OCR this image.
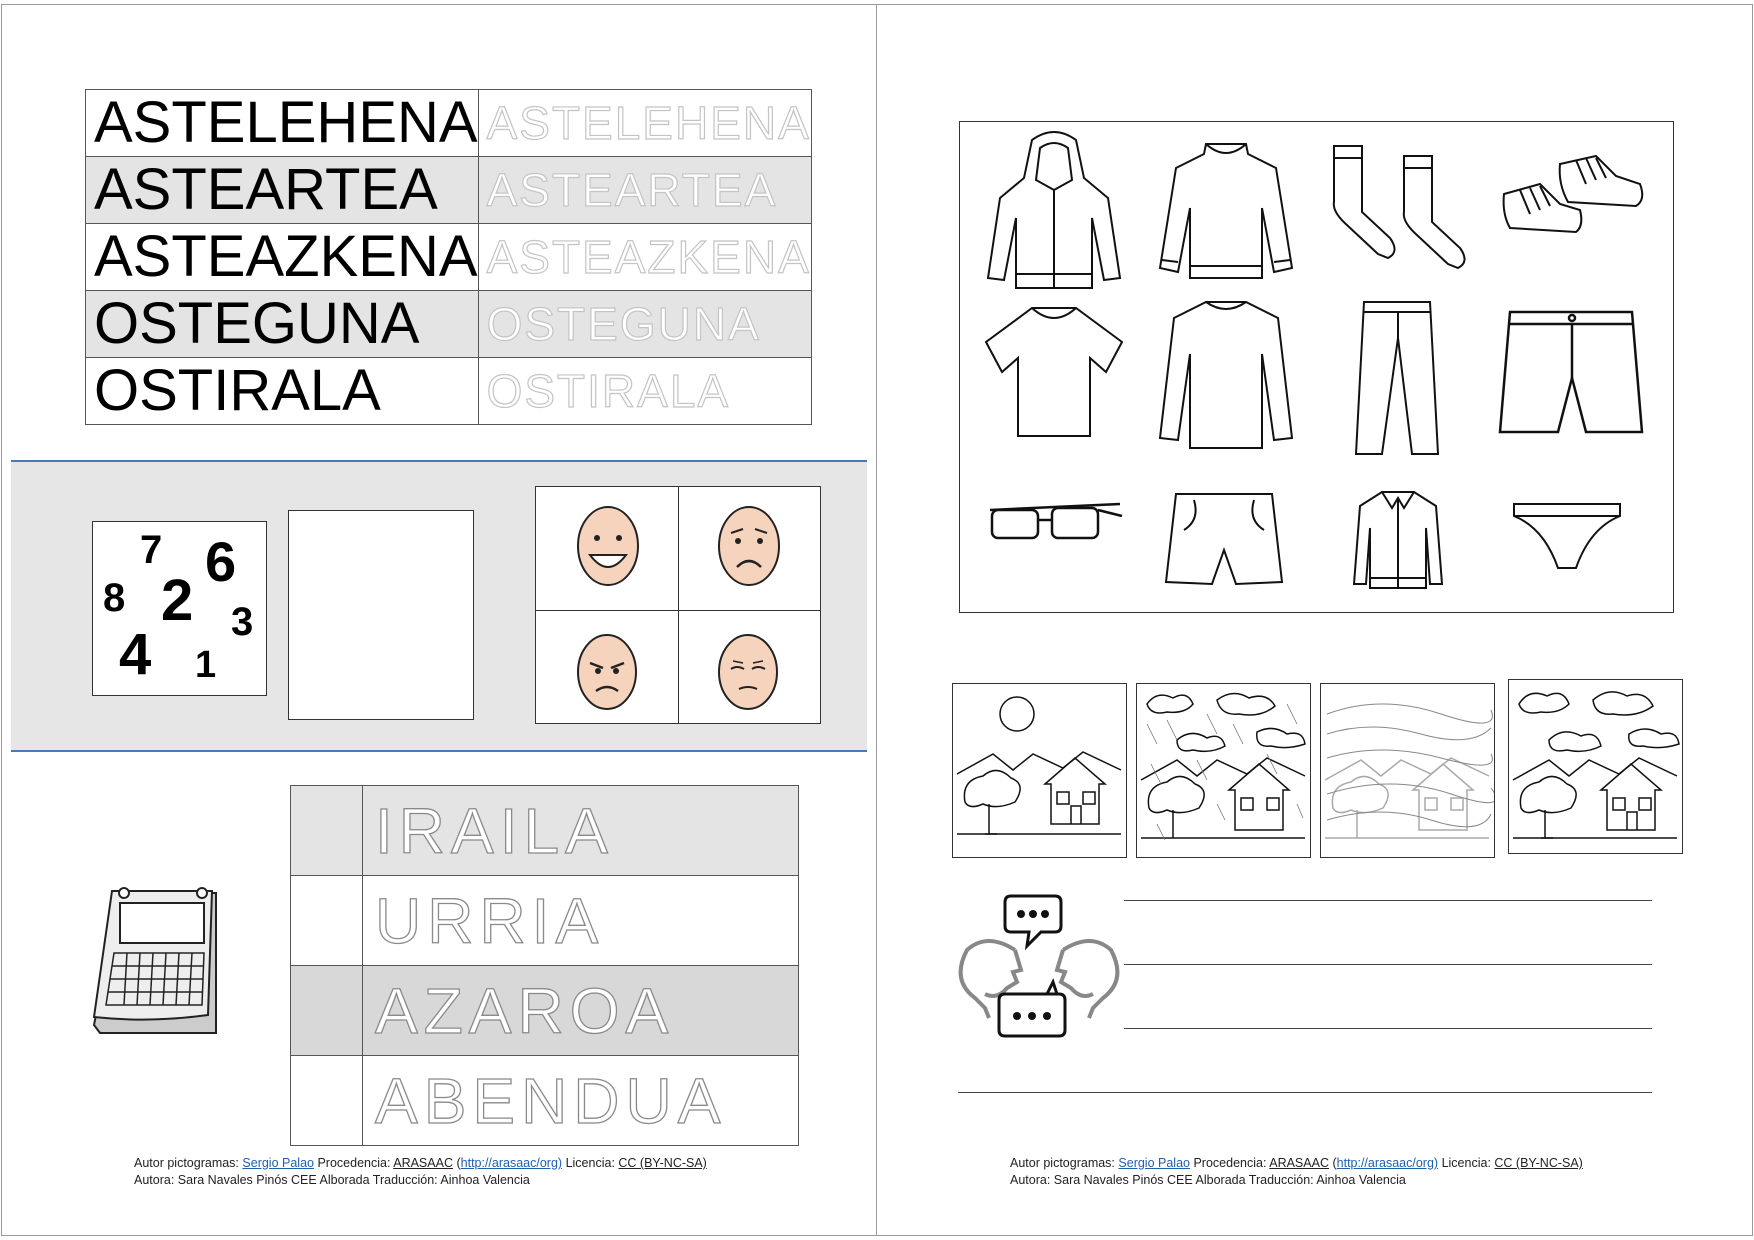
ASTELEHENA	ASTELEHENA
ASTEARTEA	ASTEARTEA
ASTEAZKENA	ASTEAZKENA
OSTEGUNA	OSTEGUNA
OSTIRALA	OSTIRALA
7 6
8 2 3
4 1
	IRAILA
	URRIA
	AZAROA
	ABENDUA
Autor pictogramas: Sergio Palao Procedencia: ARASAAC (http://arasaac/org) Licencia: CC (BY-NC-SA)
Autora: Sara Navales Pinós CEE Alborada Traducción: Ainhoa Valencia
Autor pictogramas: Sergio Palao Procedencia: ARASAAC (http://arasaac/org) Licencia: CC (BY-NC-SA)
Autora: Sara Navales Pinós CEE Alborada Traducción: Ainhoa Valencia
